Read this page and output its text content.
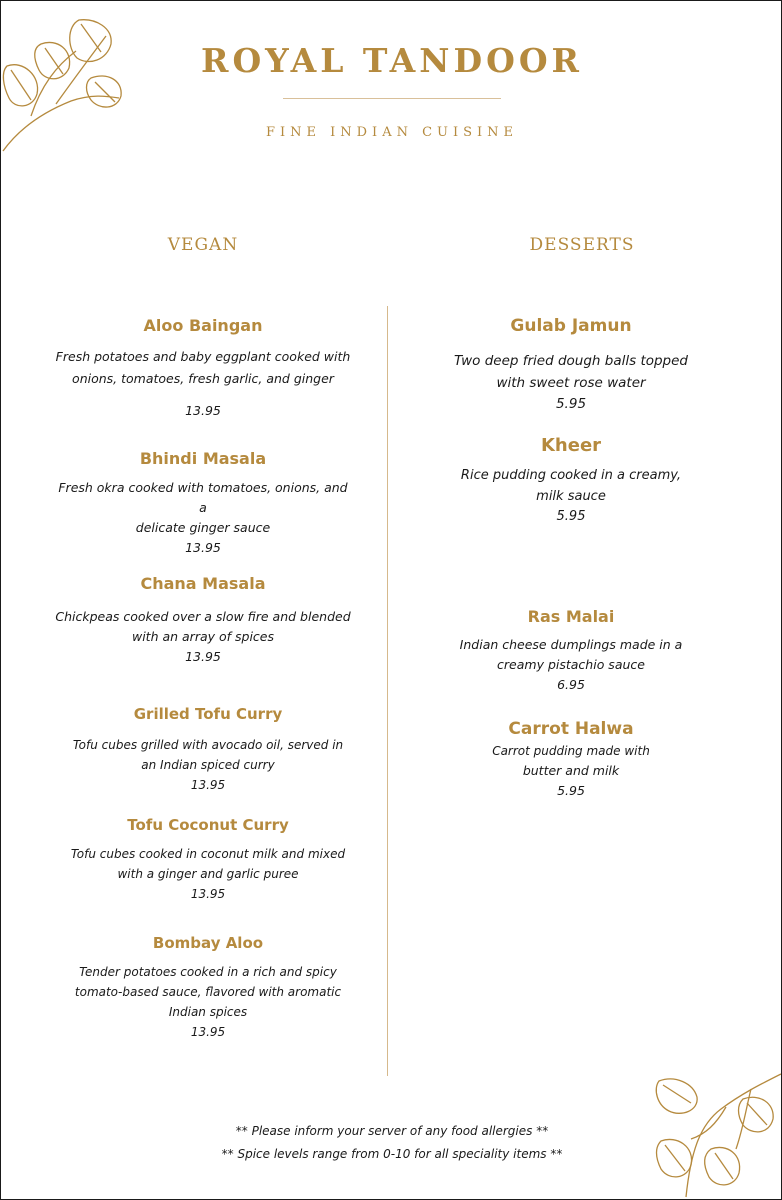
ROYAL TANDOOR
FINE INDIAN CUISINE
VEGAN	DESSERTS
Aloo Baingan
Fresh potatoes and baby eggplant cooked with
onions, tomatoes, fresh garlic, and ginger
13.95
Bhindi Masala
Fresh okra cooked with tomatoes, onions, and a
delicate ginger sauce
13.95
Chana Masala
Chickpeas cooked over a slow fire and blended
with an array of spices
13.95
Grilled Tofu Curry
Tofu cubes grilled with avocado oil, served in
an Indian spiced curry
13.95
Tofu Coconut Curry
Tofu cubes cooked in coconut milk and mixed
with a ginger and garlic puree
13.95
Bombay Aloo
Tender potatoes cooked in a rich and spicy
tomato-based sauce, flavored with aromatic
Indian spices
13.95
Gulab Jamun
Two deep fried dough balls topped
with sweet rose water
5.95
Kheer
Rice pudding cooked in a creamy,
milk sauce
5.95
Ras Malai
Indian cheese dumplings made in a
creamy pistachio sauce
6.95
Carrot Halwa
Carrot pudding made with
butter and milk
5.95
** Please inform your server of any food allergies **
** Spice levels range from 0-10 for all speciality items **
